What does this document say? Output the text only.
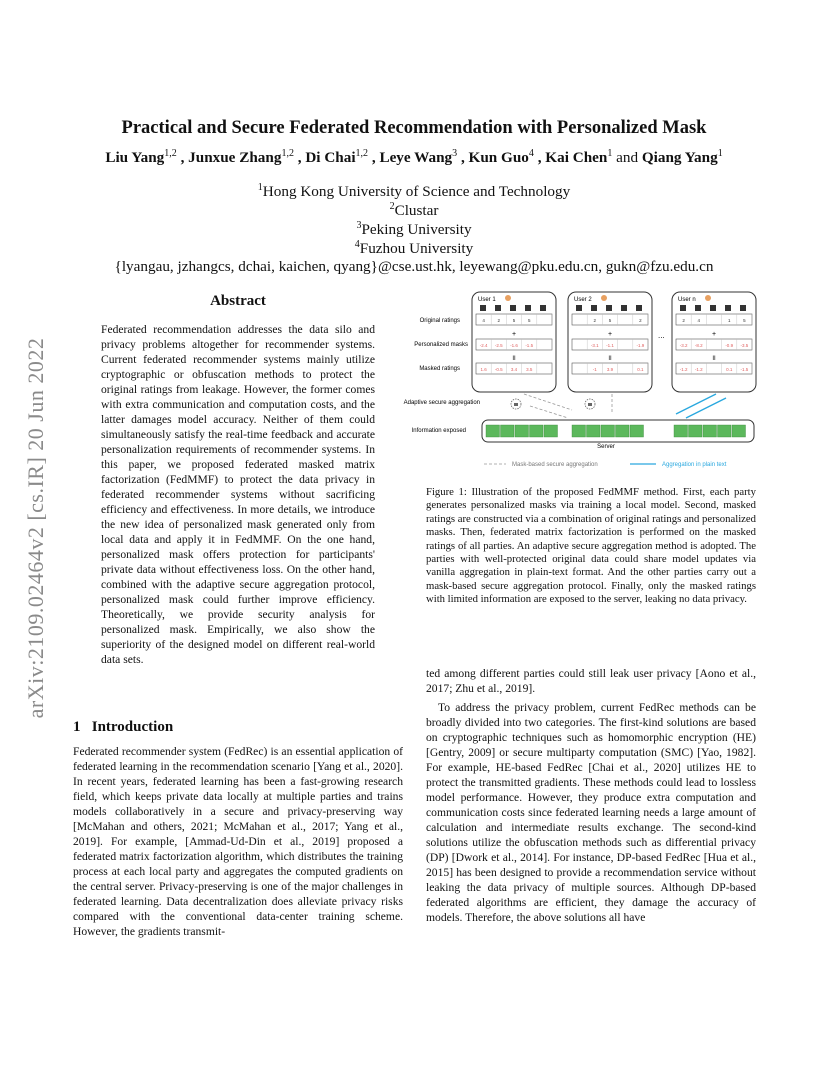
arXiv:2109.02464v2 [cs.IR] 20 Jun 2022
Practical and Secure Federated Recommendation with Personalized Mask
Liu Yang$^{1,2}$ , Junxue Zhang$^{1,2}$ , Di Chai$^{1,2}$ , Leye Wang$^3$ , Kun Guo$^4$ , Kai Chen$^1$ and Qiang Yang$^1$
$^1$Hong Kong University of Science and Technology
$^2$Clustar
$^3$Peking University
$^4$Fuzhou University
{lyangau, jzhangcs, dchai, kaichen, qyang}@cse.ust.hk, leyewang@pku.edu.cn, gukn@fzu.edu.cn
Abstract
Federated recommendation addresses the data silo and privacy problems altogether for recommender systems. Current federated recommender systems mainly utilize cryptographic or obfuscation methods to protect the original ratings from leakage. However, the former comes with extra communication and computation costs, and the latter damages model accuracy. Neither of them could simultaneously satisfy the real-time feedback and accurate personalization requirements of recommender systems. In this paper, we proposed federated masked matrix factorization (FedMMF) to protect the data privacy in federated recommender systems without sacrificing efficiency and effectiveness. In more details, we introduce the new idea of personalized mask generated only from local data and apply it in FedMMF. On the one hand, personalized mask offers protection for participants' private data without effectiveness loss. On the other hand, combined with the adaptive secure aggregation protocol, personalized mask could further improve efficiency. Theoretically, we provide security analysis for personalized mask. Empirically, we also show the superiority of the designed model on different real-world data sets.
1 Introduction
Federated recommender system (FedRec) is an essential application of federated learning in the recommendation scenario [Yang et al., 2020]. In recent years, federated learning has been a fast-growing research field, which keeps private data locally at multiple parties and trains models collaboratively in a secure and privacy-preserving way [McMahan and others, 2021; McMahan et al., 2017; Yang et al., 2019]. For example, [Ammad-Ud-Din et al., 2019] proposed a federated matrix factorization algorithm, which distributes the training process at each local party and aggregates the computed gradients on the central server. Privacy-preserving is one of the major challenges in federated learning. Data decentralization does alleviate privacy risks compared with the conventional data-center training scheme. However, the gradients transmit-
ted among different parties could still leak user privacy [Aono et al., 2017; Zhu et al., 2019].
To address the privacy problem, current FedRec methods can be broadly divided into two categories. The first-kind solutions are based on cryptographic techniques such as homomorphic encryption (HE) [Gentry, 2009] or secure multiparty computation (SMC) [Yao, 1982]. For example, HE-based FedRec [Chai et al., 2020] utilizes HE to protect the transmitted gradients. These methods could lead to lossless model performance. However, they produce extra computation and communication costs since federated learning needs a large amount of calculation and intermediate results exchange. The second-kind solutions utilize the obfuscation methods such as differential privacy (DP) [Dwork et al., 2014]. For instance, DP-based FedRec [Hua et al., 2015] has been designed to provide a recommendation service without leaking the data privacy of multiple sources. Although DP-based federated algorithms are efficient, they damage the accuracy of models. Therefore, the above solutions all have
Original ratings
Personalized masks
Masked ratings
Adaptive secure aggregation
Information exposed
User 1
4	2	5	5
-2.4 -2.5 -1.6 -1.5
1.6 -0.5 3.4 3.5
+
II
User 2
2	5	2
-3.1 -1.1	-1.9
-1 3.9	0.1
+
II
User n
2	4	1	5
-3.2 -8.2	-0.9 -3.5
-1.2 -1.2	0.1 -1.5
+
II
...
Server
Mask-based secure aggregation	Aggregation in plain text
Figure 1: Illustration of the proposed FedMMF method. First, each party generates personalized masks via training a local model. Second, masked ratings are constructed via a combination of original ratings and personalized masks. Then, federated matrix factorization is performed on the masked ratings of all parties. An adaptive secure aggregation method is adopted. The parties with well-protected original data could share model updates via vanilla aggregation in plain-text format. And the other parties carry out a mask-based secure aggregation protocol. Finally, only the masked ratings with limited information are exposed to the server, leaking no data privacy.
